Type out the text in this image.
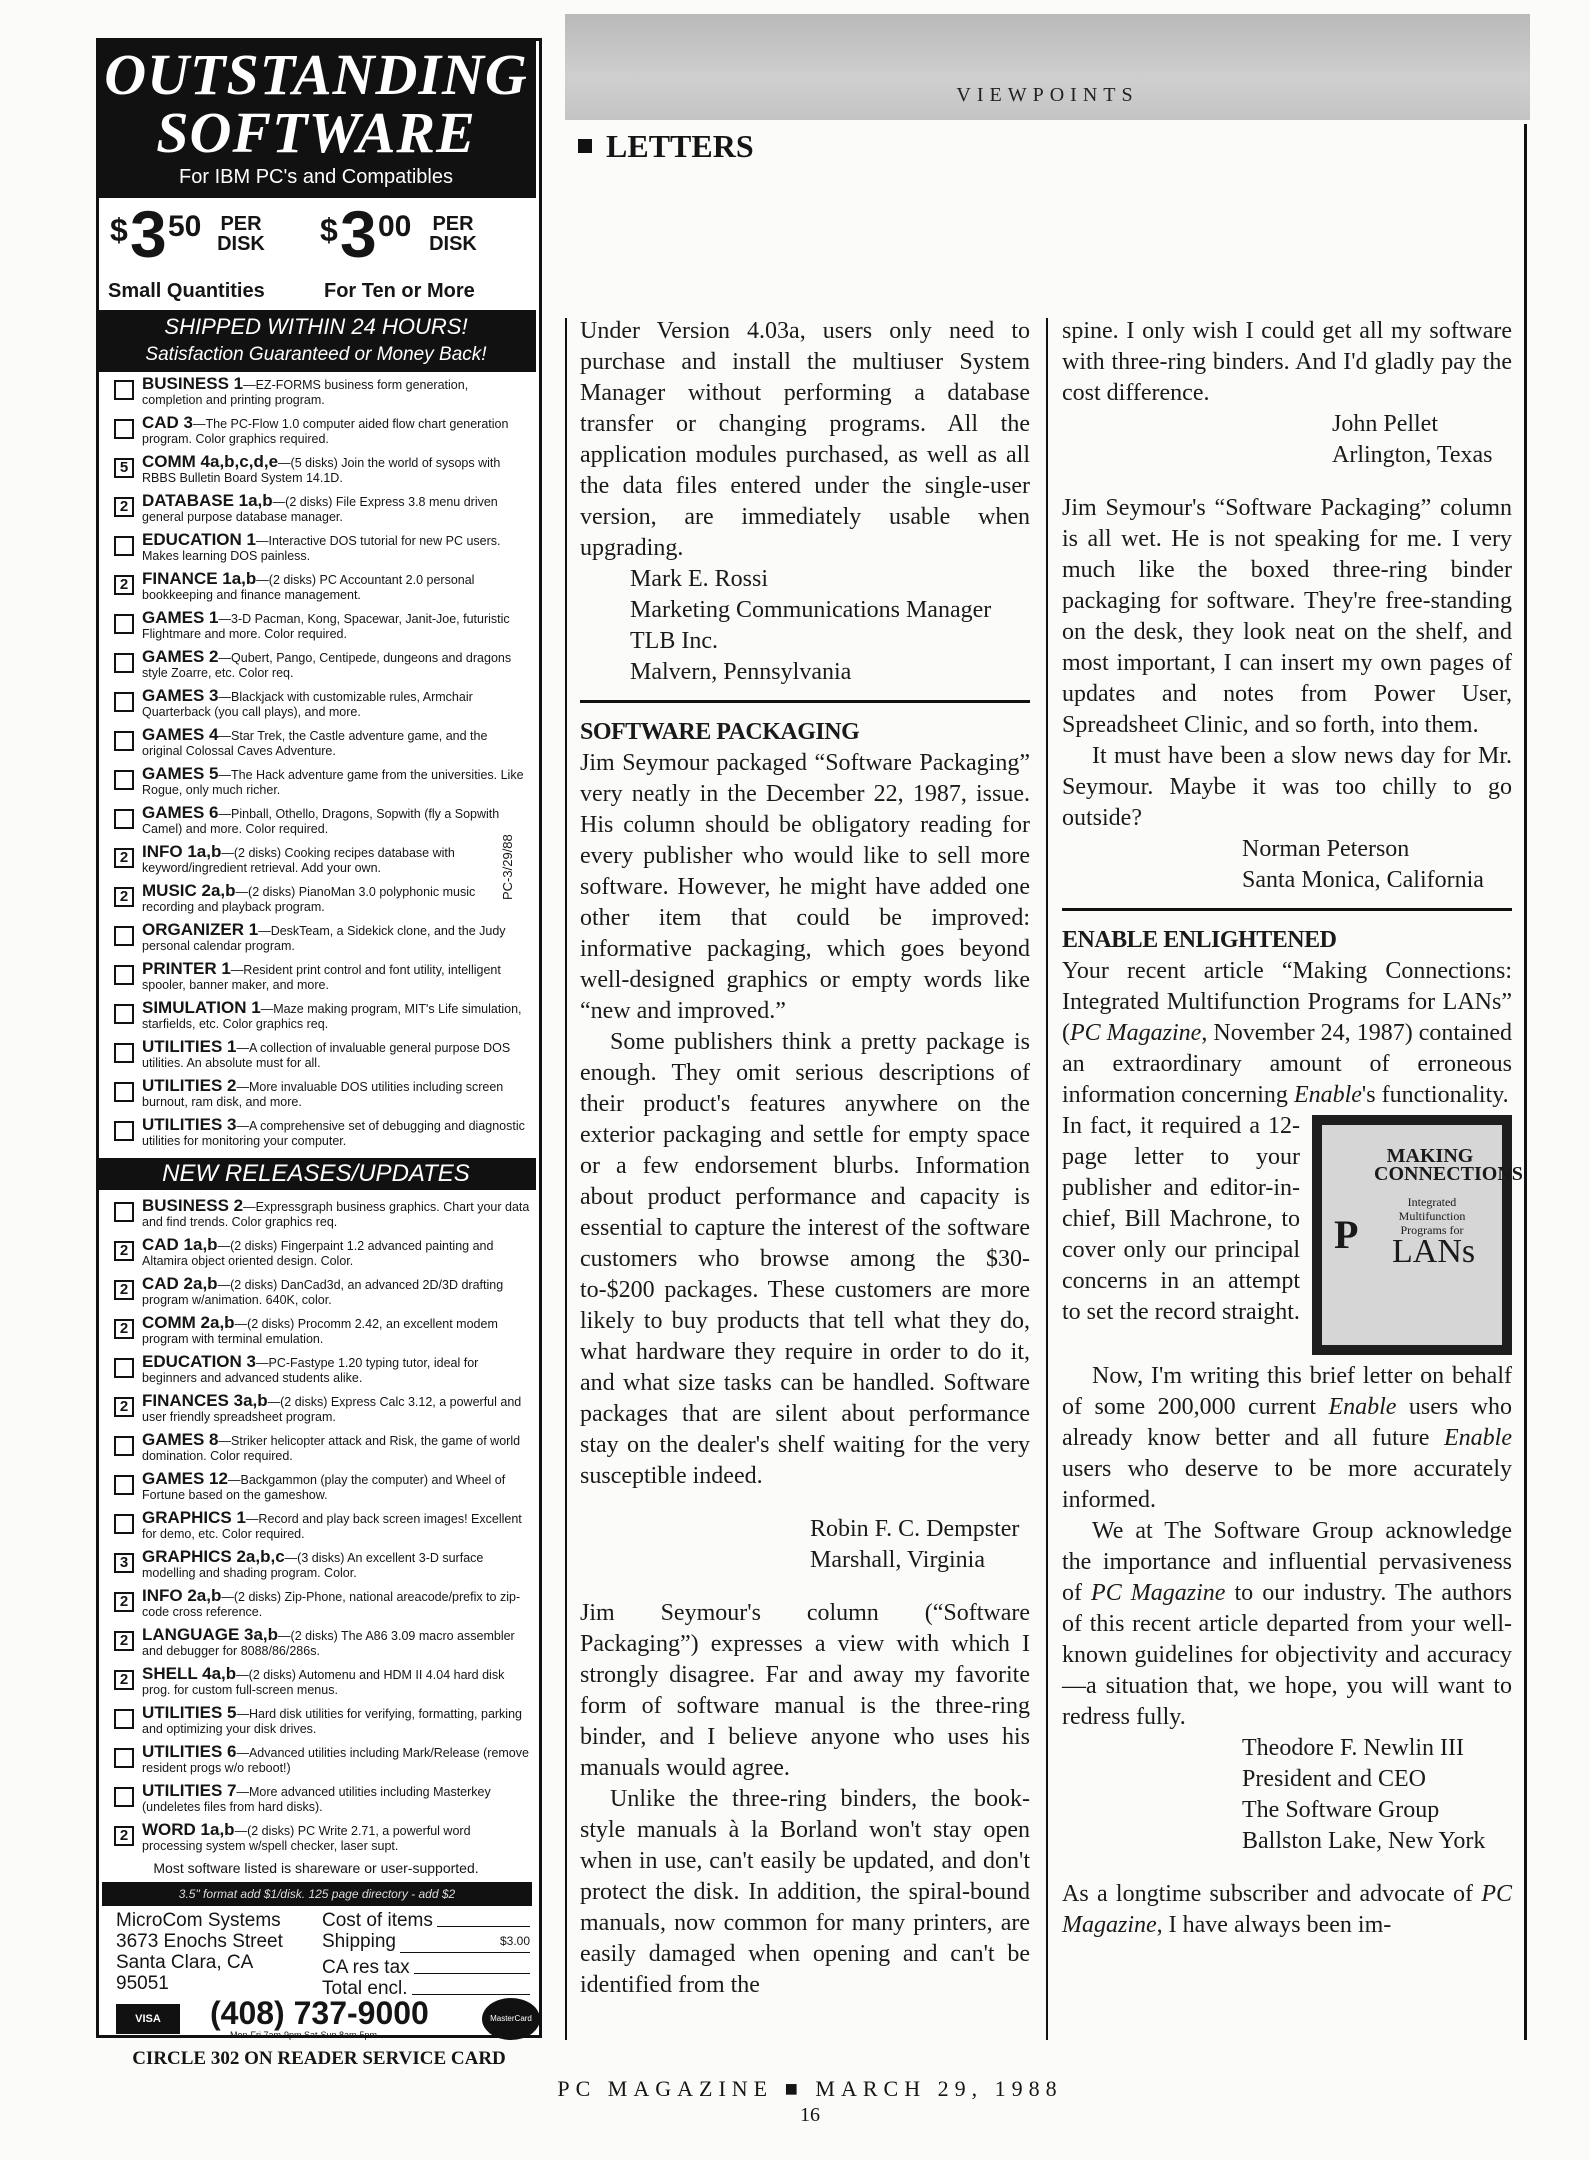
OUTSTANDING
SOFTWARE
For IBM PC's and Compatibles
$ 3 50 PER
DISK
Small Quantities
$ 3 00	PER
DISK
For Ten or More
SHIPPED WITHIN 24 HOURS!
Satisfaction Guaranteed or Money Back!
BUSINESS 1—EZ-FORMS business form generation, completion and printing program.
CAD 3—The PC-Flow 1.0 computer aided flow chart generation program. Color graphics required.
5 COMM 4a,b,c,d,e—(5 disks) Join the world of sysops with RBBS Bulletin Board System 14.1D.
2 DATABASE 1a,b—(2 disks) File Express 3.8 menu driven general purpose database manager.
EDUCATION 1—Interactive DOS tutorial for new PC users. Makes learning DOS painless.
2 FINANCE 1a,b—(2 disks) PC Accountant 2.0 personal bookkeeping and finance management.
GAMES 1—3-D Pacman, Kong, Spacewar, Janit-Joe, futuristic Flightmare and more. Color required.
GAMES 2—Qubert, Pango, Centipede, dungeons and dragons style Zoarre, etc. Color req.
GAMES 3—Blackjack with customizable rules, Armchair Quarterback (you call plays), and more.
GAMES 4—Star Trek, the Castle adventure game, and the original Colossal Caves Adventure.
GAMES 5—The Hack adventure game from the universities. Like Rogue, only much richer.
GAMES 6—Pinball, Othello, Dragons, Sopwith (fly a Sopwith Camel) and more. Color required.
2 INFO 1a,b—(2 disks) Cooking recipes database with keyword/ingredient retrieval. Add your own.
2 MUSIC 2a,b—(2 disks) PianoMan 3.0 polyphonic music recording and playback program.
ORGANIZER 1—DeskTeam, a Sidekick clone, and the Judy personal calendar program.
PRINTER 1—Resident print control and font utility, intelligent spooler, banner maker, and more.
SIMULATION 1—Maze making program, MIT's Life simulation, starfields, etc. Color graphics req.
UTILITIES 1—A collection of invaluable general purpose DOS utilities. An absolute must for all.
UTILITIES 2—More invaluable DOS utilities including screen burnout, ram disk, and more.
UTILITIES 3—A comprehensive set of debugging and diagnostic utilities for monitoring your computer.
NEW RELEASES/UPDATES
BUSINESS 2—Expressgraph business graphics. Chart your data and find trends. Color graphics req.
2 CAD 1a,b—(2 disks) Fingerpaint 1.2 advanced painting and Altamira object oriented design. Color.
2 CAD 2a,b—(2 disks) DanCad3d, an advanced 2D/3D drafting program w/animation. 640K, color.
2 COMM 2a,b—(2 disks) Procomm 2.42, an excellent modem program with terminal emulation.
EDUCATION 3—PC-Fastype 1.20 typing tutor, ideal for beginners and advanced students alike.
2 FINANCES 3a,b—(2 disks) Express Calc 3.12, a powerful and user friendly spreadsheet program.
GAMES 8—Striker helicopter attack and Risk, the game of world domination. Color required.
GAMES 12—Backgammon (play the computer) and Wheel of Fortune based on the gameshow.
GRAPHICS 1—Record and play back screen images! Excellent for demo, etc. Color required.
3 GRAPHICS 2a,b,c—(3 disks) An excellent 3-D surface modelling and shading program. Color.
2 INFO 2a,b—(2 disks) Zip-Phone, national areacode/prefix to zip-code cross reference.
2 LANGUAGE 3a,b—(2 disks) The A86 3.09 macro assembler and debugger for 8088/86/286s.
2 SHELL 4a,b—(2 disks) Automenu and HDM II 4.04 hard disk prog. for custom full-screen menus.
UTILITIES 5—Hard disk utilities for verifying, formatting, parking and optimizing your disk drives.
UTILITIES 6—Advanced utilities including Mark/Release (remove resident progs w/o reboot!)
UTILITIES 7—More advanced utilities including Masterkey (undeletes files from hard disks).
2 WORD 1a,b—(2 disks) PC Write 2.71, a powerful word processing system w/spell checker, laser supt.
Most software listed is shareware or user-supported.
3.5" format add $1/disk. 125 page directory - add $2
MicroCom Systems
3673 Enochs Street
Santa Clara, CA
95051
Cost of items
Shipping	$3.00
CA res tax
Total encl.
VISA	(408) 737-9000
Mon-Fri 7am-9pm Sat-Sun 8am-5pm
MasterCard
PC-3/29/88
CIRCLE 302 ON READER SERVICE CARD
VIEWPOINTS
LETTERS

Under Version 4.03a, users only need to purchase and install the multiuser System Manager without performing a database transfer or changing programs. All the application modules purchased, as well as all the data files entered under the single-user version, are immediately usable when upgrading.

Mark E. Rossi
Marketing Communications Manager
TLB Inc.
Malvern, Pennsylvania
SOFTWARE PACKAGING

Jim Seymour packaged “Software Packaging” very neatly in the December 22, 1987, issue. His column should be obligatory reading for every publisher who would like to sell more software. However, he might have added one other item that could be improved: informative packaging, which goes beyond well-designed graphics or empty words like “new and improved.”

Some publishers think a pretty package is enough. They omit serious descriptions of their product's features anywhere on the exterior packaging and settle for empty space or a few endorsement blurbs. Information about product performance and capacity is essential to capture the interest of the software customers who browse among the $30-to-$200 packages. These customers are more likely to buy products that tell what they do, what hardware they require in order to do it, and what size tasks can be handled. Software packages that are silent about performance stay on the dealer's shelf waiting for the very susceptible indeed.

Robin F. C. Dempster
Marshall, Virginia

Jim Seymour's column (“Software Packaging”) expresses a view with which I strongly disagree. Far and away my favorite form of software manual is the three-ring binder, and I believe anyone who uses his manuals would agree.

Unlike the three-ring binders, the book-style manuals à la Borland won't stay open when in use, can't easily be updated, and don't protect the disk. In addition, the spiral-bound manuals, now common for many printers, are easily damaged when opening and can't be identified from the

spine. I only wish I could get all my software with three-ring binders. And I'd gladly pay the cost difference.

John Pellet
Arlington, Texas

Jim Seymour's “Software Packaging” column is all wet. He is not speaking for me. I very much like the boxed three-ring binder packaging for software. They're free-standing on the desk, they look neat on the shelf, and most important, I can insert my own pages of updates and notes from Power User, Spreadsheet Clinic, and so forth, into them.

It must have been a slow news day for Mr. Seymour. Maybe it was too chilly to go outside?

Norman Peterson
Santa Monica, California
ENABLE ENLIGHTENED

Your recent article “Making Connections: Integrated Multifunction Programs for LANs” (PC Magazine, November 24, 1987) contained an extraordinary amount of erroneous information concerning Enable's functionality.

MAKING CONNECTIONS
Integrated Multifunction Programs for
LANs
P

In fact, it required a 12-page letter to your publisher and editor-in-chief, Bill Machrone, to cover only our principal concerns in an attempt to set the record straight.

Now, I'm writing this brief letter on behalf of some 200,000 current Enable users who already know better and all future Enable users who deserve to be more accurately informed.

We at The Software Group acknowledge the importance and influential pervasiveness of PC Magazine to our industry. The authors of this recent article departed from your well-known guidelines for objectivity and accuracy—a situation that, we hope, you will want to redress fully.

Theodore F. Newlin III
President and CEO
The Software Group
Ballston Lake, New York

As a longtime subscriber and advocate of PC Magazine, I have always been im-

PC MAGAZINE ■ MARCH 29, 1988
16
